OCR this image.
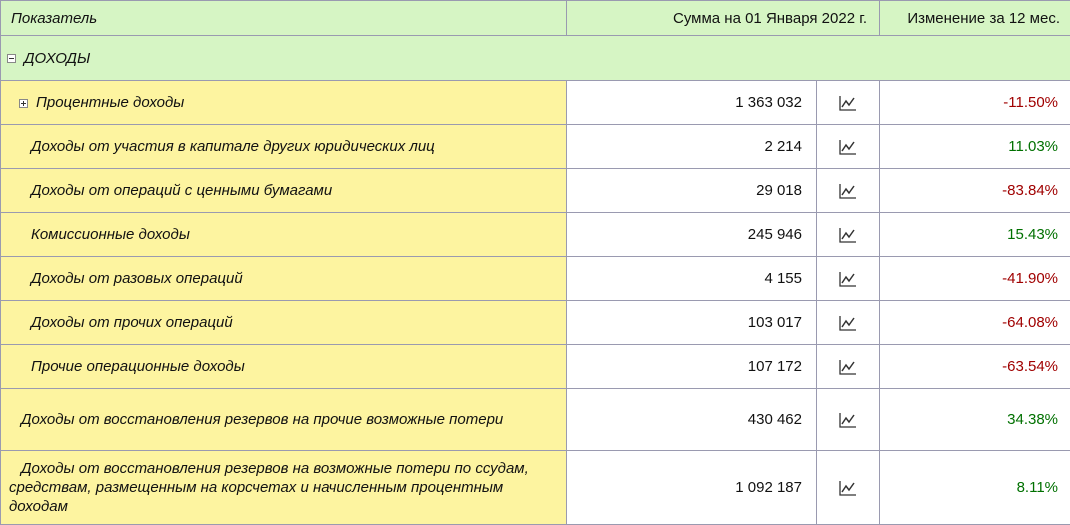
Показатель	Сумма на 01 Января 2022 г.		Изменение за 12 мес.
ДОХОДЫ			
Процентные доходы	1 363 032		-11.50%
Доходы от участия в капитале других юридических лиц	2 214		11.03%
Доходы от операций с ценными бумагами	29 018		-83.84%
Комиссионные доходы	245 946		15.43%
Доходы от разовых операций	4 155		-41.90%
Доходы от прочих операций	103 017		-64.08%
Прочие операционные доходы	107 172		-63.54%
Доходы от восстановления резервов на прочие возможные потери	430 462		34.38%
Доходы от восстановления резервов на возможные потери по ссудам, средствам, размещенным на корсчетах и начисленным процентным доходам	1 092 187		8.11%
